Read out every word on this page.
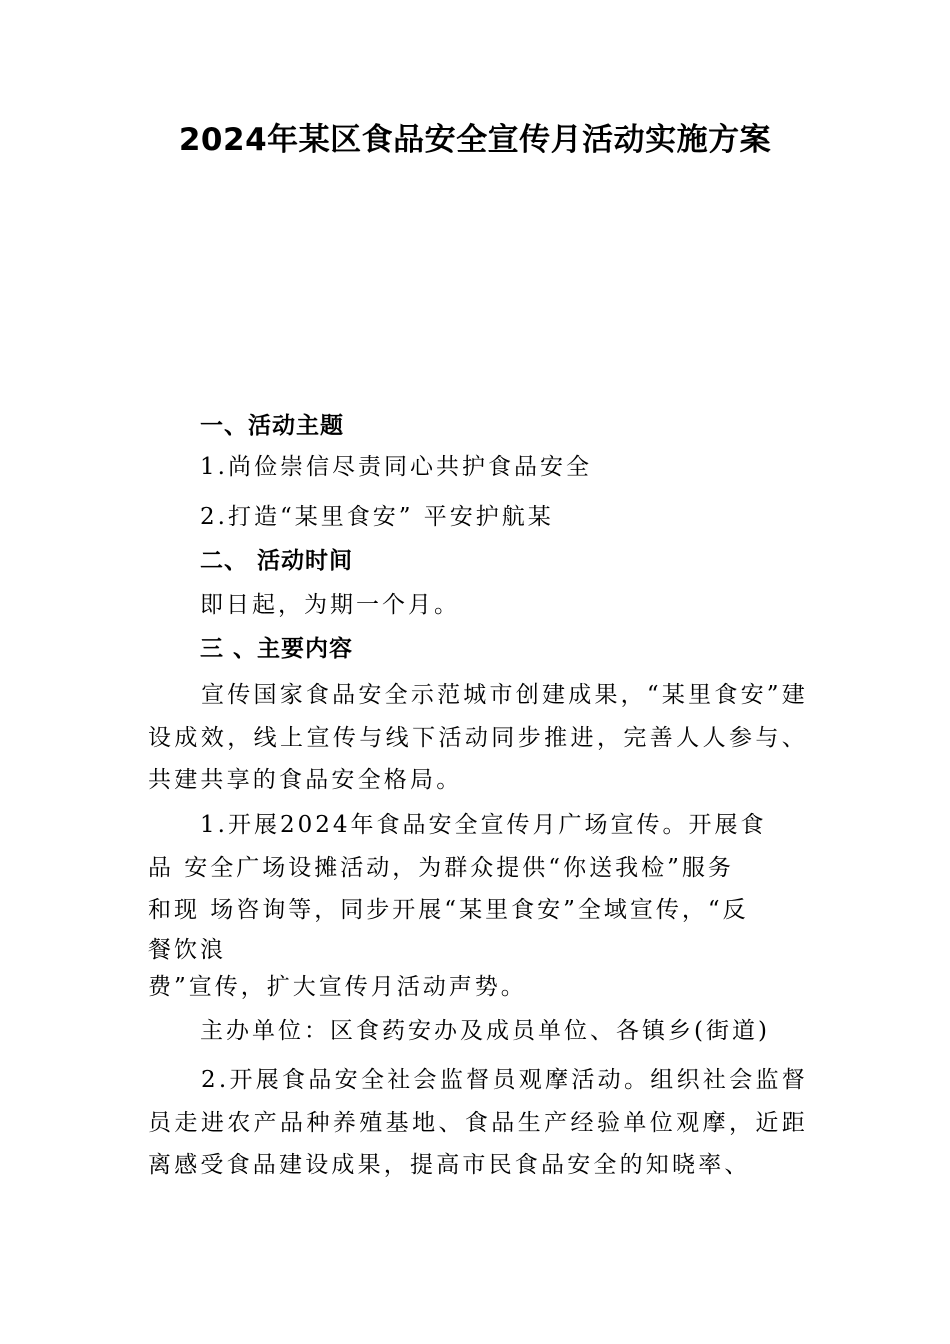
2024年某区食品安全宣传月活动实施方案

一、活动主题

1.尚俭崇信尽责同心共护食品安全

2.打造“某里食安” 平安护航某

二、 活动时间

即日起，为期一个月。

三 、主要内容

宣传国家食品安全示范城市创建成果，“某里食安”建设成效，线上宣传与线下活动同步推进，完善人人参与、共建共享的食品安全格局。

1.开展2024年食品安全宣传月广场宣传。开展食

品 安全广场设摊活动，为群众提供“你送我检”服务

和现 场咨询等，同步开展“某里食安”全域宣传，“反

餐饮浪

费”宣传，扩大宣传月活动声势。

主办单位：区食药安办及成员单位、各镇乡(街道)

2.开展食品安全社会监督员观摩活动。组织社会监督员走进农产品种养殖基地、食品生产经验单位观摩，近距离感受食品建设成果，提高市民食品安全的知晓率、
